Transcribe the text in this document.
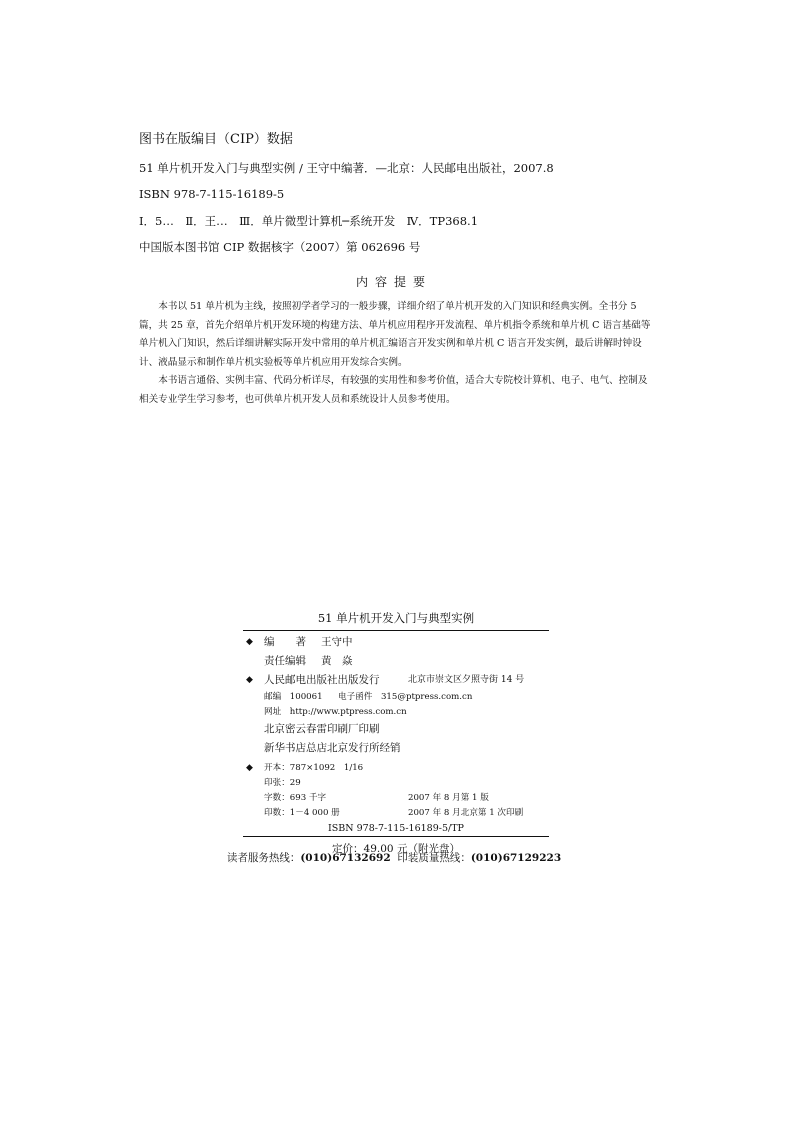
图书在版编目（CIP）数据
51 单片机开发入门与典型实例 / 王守中编著．—北京：人民邮电出版社，2007.8
ISBN 978-7-115-16189-5
Ⅰ．5…　Ⅱ．王…　Ⅲ．单片微型计算机─系统开发　Ⅳ．TP368.1
中国版本图书馆 CIP 数据核字（2007）第 062696 号
内容提要

本书以 51 单片机为主线，按照初学者学习的一般步骤，详细介绍了单片机开发的入门知识和经典实例。全书分 5 篇，共 25 章，首先介绍单片机开发环境的构建方法、单片机应用程序开发流程、单片机指令系统和单片机 C 语言基础等单片机入门知识，然后详细讲解实际开发中常用的单片机汇编语言开发实例和单片机 C 语言开发实例，最后讲解时钟设计、液晶显示和制作单片机实验板等单片机应用开发综合实例。

本书语言通俗、实例丰富、代码分析详尽，有较强的实用性和参考价值，适合大专院校计算机、电子、电气、控制及相关专业学生学习参考，也可供单片机开发人员和系统设计人员参考使用。

51 单片机开发入门与典型实例
◆ 编　　著 王守中
责任编辑 黄　焱
◆ 人民邮电出版社出版发行	北京市崇文区夕照寺街 14 号
邮编　100061 电子函件　315@ptpress.com.cn
网址　http://www.ptpress.com.cn
北京密云春雷印刷厂印刷
新华书店总店北京发行所经销
◆ 开本：787×1092　1/16
印张：29
字数：693 千字	2007 年 8 月第 1 版
印数：1－4 000 册	2007 年 8 月北京第 1 次印刷
ISBN 978-7-115-16189-5/TP
定价：49.00 元（附光盘）
读者服务热线：(010)67132692 印装质量热线：(010)67129223
